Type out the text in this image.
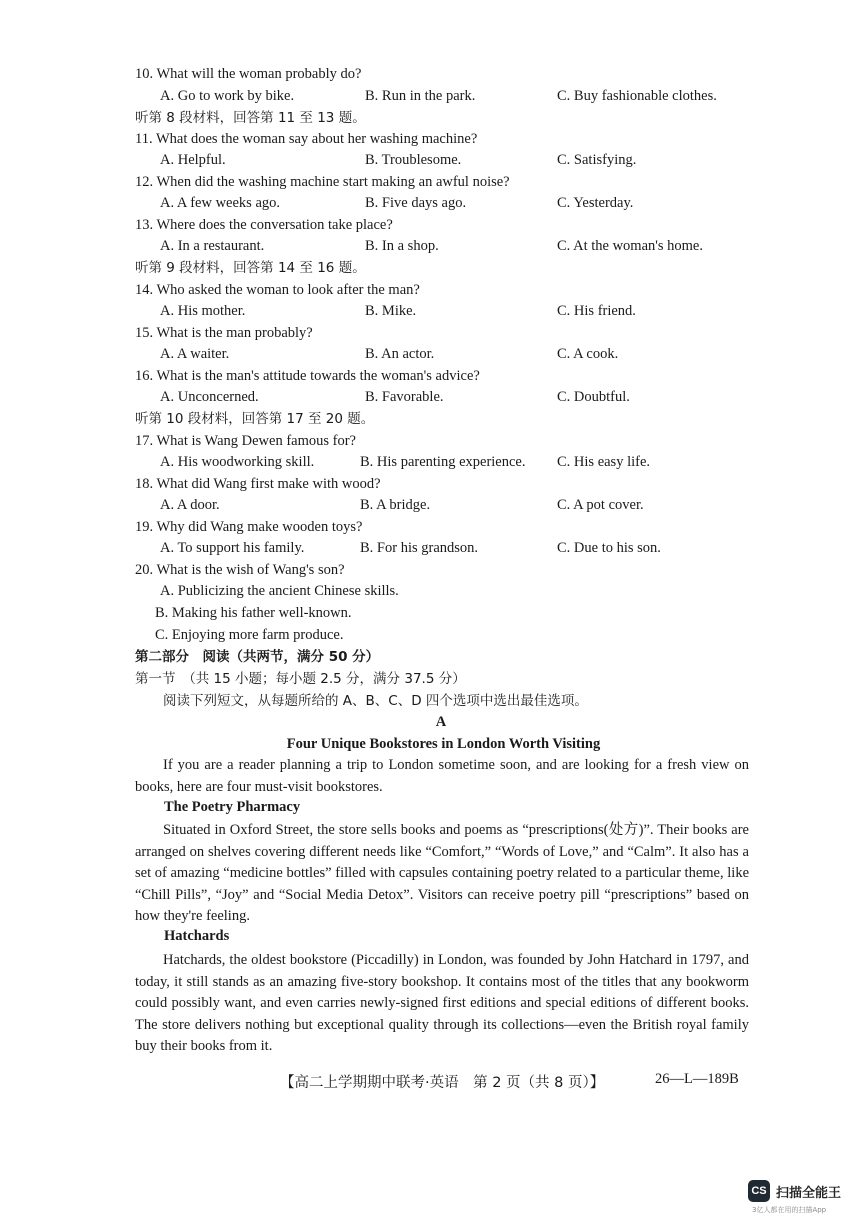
10. What will the woman probably do?
A. Go to work by bike.	B. Run in the park.	C. Buy fashionable clothes.
听第 8 段材料，回答第 11 至 13 题。
11. What does the woman say about her washing machine?
A. Helpful.	B. Troublesome.	C. Satisfying.
12. When did the washing machine start making an awful noise?
A. A few weeks ago.	B. Five days ago.	C. Yesterday.
13. Where does the conversation take place?
A. In a restaurant.	B. In a shop.	C. At the woman's home.
听第 9 段材料，回答第 14 至 16 题。
14. Who asked the woman to look after the man?
A. His mother.	B. Mike.	C. His friend.
15. What is the man probably?
A. A waiter.	B. An actor.	C. A cook.
16. What is the man's attitude towards the woman's advice?
A. Unconcerned.	B. Favorable.	C. Doubtful.
听第 10 段材料，回答第 17 至 20 题。
17. What is Wang Dewen famous for?
A. His woodworking skill.	B. His parenting experience.	C. His easy life.
18. What did Wang first make with wood?
A. A door.	B. A bridge.	C. A pot cover.
19. Why did Wang make wooden toys?
A. To support his family.	B. For his grandson.	C. Due to his son.
20. What is the wish of Wang's son?
A. Publicizing the ancient Chinese skills.
B. Making his father well-known.
C. Enjoying more farm produce.
第二部分　阅读（共两节，满分 50 分）
第一节　（共 15 小题；每小题 2.5 分，满分 37.5 分）
阅读下列短文，从每题所给的 A、B、C、D 四个选项中选出最佳选项。
A
Four Unique Bookstores in London Worth Visiting

If you are a reader planning a trip to London sometime soon, and are looking for a fresh view on books, here are four must-visit bookstores.

The Poetry Pharmacy

Situated in Oxford Street, the store sells books and poems as “prescriptions(处方)”. Their books are arranged on shelves covering different needs like “Comfort,” “Words of Love,” and “Calm”. It also has a set of amazing “medicine bottles” filled with capsules containing poetry related to a particular theme, like “Chill Pills”, “Joy” and “Social Media Detox”. Visitors can receive poetry pill “prescriptions” based on how they're feeling.

Hatchards

Hatchards, the oldest bookstore (Piccadilly) in London, was founded by John Hatchard in 1797, and today, it still stands as an amazing five-story bookshop. It contains most of the titles that any bookworm could possibly want, and even carries newly-signed first editions and special editions of different books. The store delivers nothing but exceptional quality through its collections—even the British royal family buy their books from it.

【高二上学期期中联考·英语　第 2 页（共 8 页）】	26—L—189B
CS 扫描全能王
3亿人都在用的扫描App
